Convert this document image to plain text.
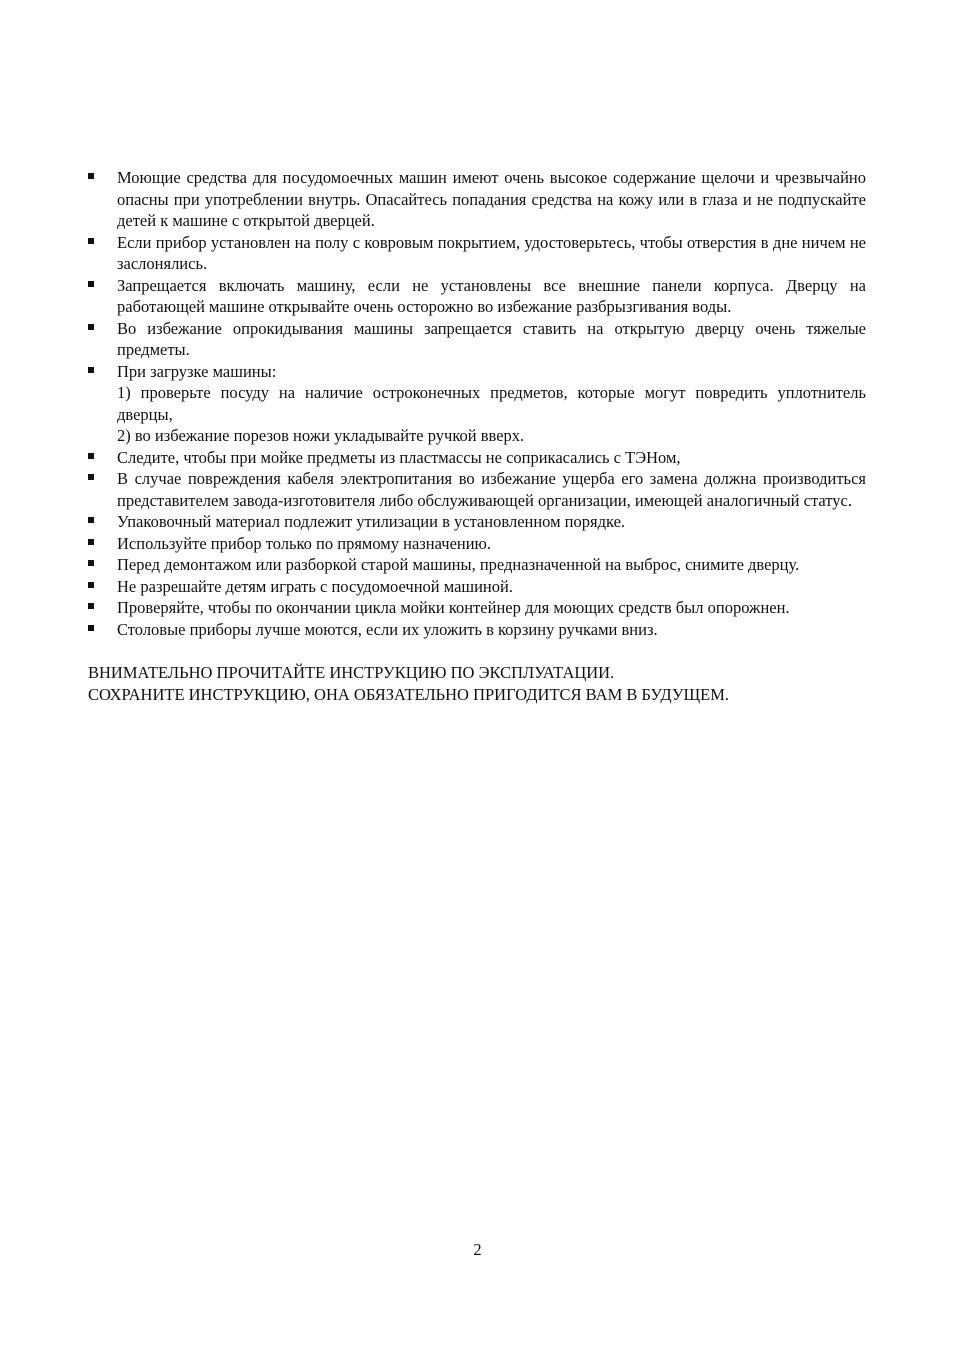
Моющие средства для посудомоечных машин имеют очень высокое содержание щелочи и чрезвычайно опасны при употреблении внутрь. Опасайтесь попадания средства на кожу или в глаза и не подпускайте детей к машине с открытой дверцей.
Если прибор установлен на полу с ковровым покрытием, удостоверьтесь, чтобы отверстия в дне ничем не заслонялись.
Запрещается включать машину, если не установлены все внешние панели корпуса. Дверцу на работающей машине открывайте очень осторожно во избежание разбрызгивания воды.
Во избежание опрокидывания машины запрещается ставить на открытую дверцу очень тяжелые предметы.
При загрузке машины:
1) проверьте посуду на наличие остроконечных предметов, которые могут повредить уплотнитель дверцы,
2) во избежание порезов ножи укладывайте ручкой вверх.
Следите, чтобы при мойке предметы из пластмассы не соприкасались с ТЭНом,
В случае повреждения кабеля электропитания во избежание ущерба его замена должна производиться представителем завода-изготовителя либо обслуживающей организации, имеющей аналогичный статус.
Упаковочный материал подлежит утилизации в установленном порядке.
Используйте прибор только по прямому назначению.
Перед демонтажом или разборкой старой машины, предназначенной на выброс, снимите дверцу.
Не разрешайте детям играть с посудомоечной машиной.
Проверяйте, чтобы по окончании цикла мойки контейнер для моющих средств был опорожнен.
Столовые приборы лучше моются, если их уложить в корзину ручками вниз.
ВНИМАТЕЛЬНО ПРОЧИТАЙТЕ ИНСТРУКЦИЮ ПО ЭКСПЛУАТАЦИИ.
СОХРАНИТЕ ИНСТРУКЦИЮ, ОНА ОБЯЗАТЕЛЬНО ПРИГОДИТСЯ ВАМ В БУДУЩЕМ.
2
